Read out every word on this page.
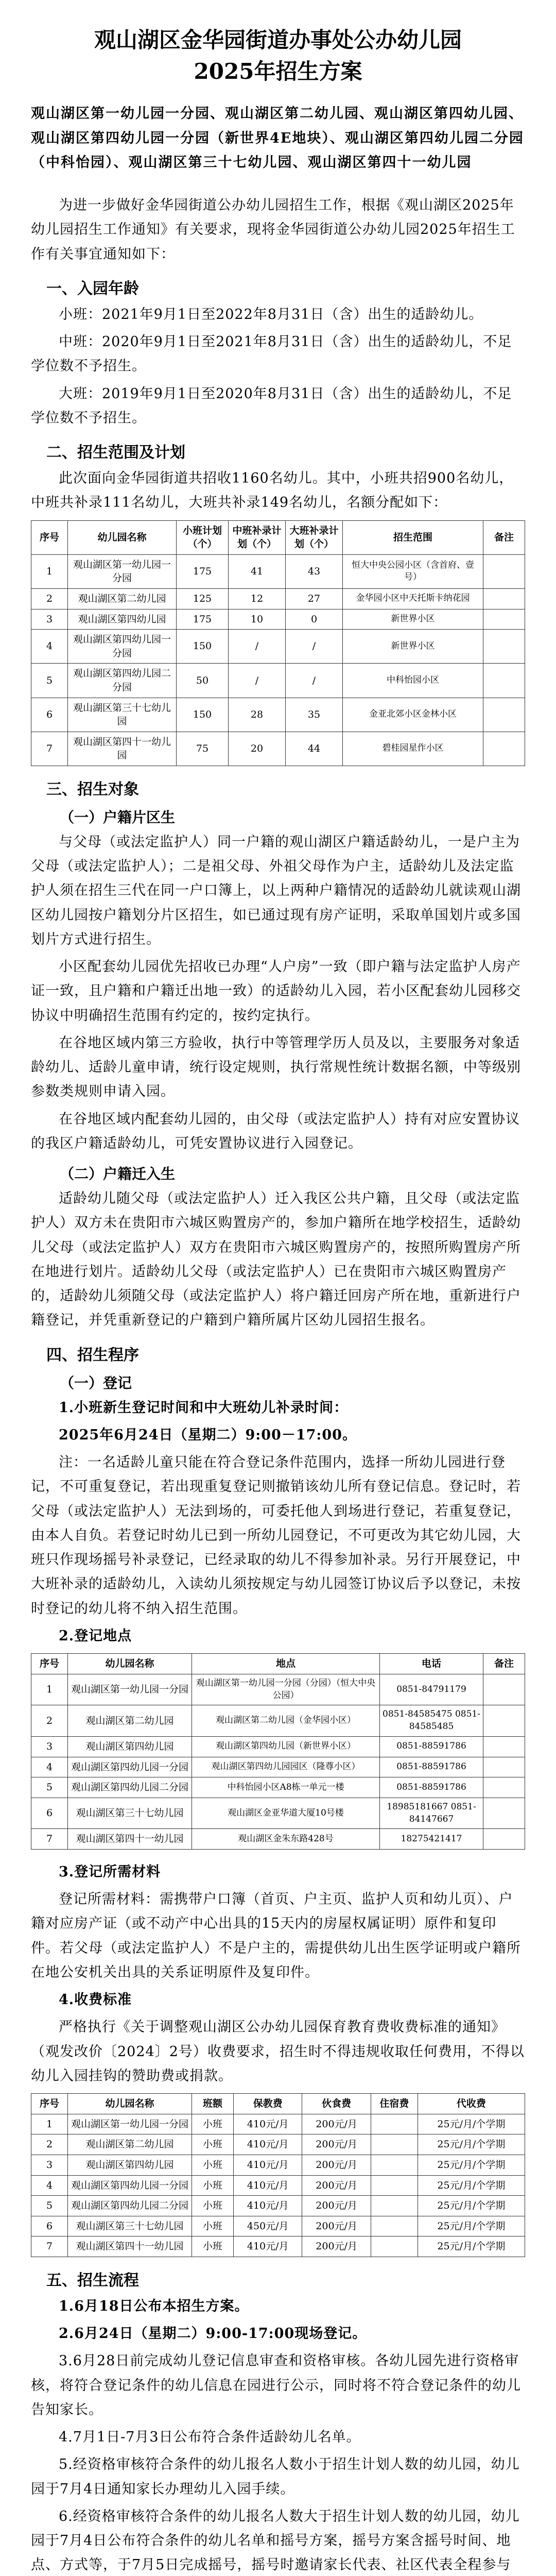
观山湖区金华园街道办事处公办幼儿园
2025年招生方案
观山湖区第一幼儿园一分园、观山湖区第二幼儿园、观山湖区第四幼儿园、观山湖区第四幼儿园一分园（新世界4E地块）、观山湖区第四幼儿园二分园（中科怡园）、观山湖区第三十七幼儿园、观山湖区第四十一幼儿园

为进一步做好金华园街道公办幼儿园招生工作，根据《观山湖区2025年幼儿园招生工作通知》有关要求，现将金华园街道公办幼儿园2025年招生工作有关事宜通知如下：

一、入园年龄

小班：2021年9月1日至2022年8月31日（含）出生的适龄幼儿。

中班：2020年9月1日至2021年8月31日（含）出生的适龄幼儿，不足学位数不予招生。

大班：2019年9月1日至2020年8月31日（含）出生的适龄幼儿，不足学位数不予招生。

二、招生范围及计划

此次面向金华园街道共招收1160名幼儿。其中，小班共招900名幼儿，中班共补录111名幼儿，大班共补录149名幼儿，名额分配如下：

序号	幼儿园名称	小班计划（个）	中班补录计划（个）	大班补录计划（个）	招生范围	备注
1	观山湖区第一幼儿园一分园	175	41	43	恒大中央公园小区（含首府、壹号）	
2	观山湖区第二幼儿园	125	12	27	金华园小区中天托斯卡纳花园	
3	观山湖区第四幼儿园	175	10	0	新世界小区	
4	观山湖区第四幼儿园一分园	150	/	/	新世界小区	
5	观山湖区第四幼儿园二分园	50	/	/	中科怡园小区	
6	观山湖区第三十七幼儿园	150	28	35	金亚北郊小区金林小区	
7	观山湖区第四十一幼儿园	75	20	44	碧桂园星作小区	
三、招生对象
（一）户籍片区生

与父母（或法定监护人）同一户籍的观山湖区户籍适龄幼儿，一是户主为父母（或法定监护人）；二是祖父母、外祖父母作为户主，适龄幼儿及法定监护人须在招生三代在同一户口簿上，以上两种户籍情况的适龄幼儿就读观山湖区幼儿园按户籍划分片区招生，如已通过现有房产证明，采取单国划片或多国划片方式进行招生。

小区配套幼儿园优先招收已办理“人户房”一致（即户籍与法定监护人房产证一致，且户籍和户籍迁出地一致）的适龄幼儿入园，若小区配套幼儿园移交协议中明确招生范围有约定的，按约定执行。

在谷地区域内第三方验收，执行中等管理学历人员及以，主要服务对象适龄幼儿、适龄儿童申请，统行设定规则，执行常规性统计数据名额，中等级别参数类规则申请入园。

在谷地区域内配套幼儿园的，由父母（或法定监护人）持有对应安置协议的我区户籍适龄幼儿，可凭安置协议进行入园登记。

（二）户籍迁入生

适龄幼儿随父母（或法定监护人）迁入我区公共户籍，且父母（或法定监护人）双方未在贵阳市六城区购置房产的，参加户籍所在地学校招生，适龄幼儿父母（或法定监护人）双方在贵阳市六城区购置房产的，按照所购置房产所在地进行划片。适龄幼儿父母（或法定监护人）已在贵阳市六城区购置房产的，适龄幼儿须随父母（或法定监护人）将户籍迁回房产所在地，重新进行户籍登记，并凭重新登记的户籍到户籍所属片区幼儿园招生报名。

四、招生程序
（一）登记

1.小班新生登记时间和中大班幼儿补录时间：

2025年6月24日（星期二）9:00－17:00。

注：一名适龄儿童只能在符合登记条件范围内，选择一所幼儿园进行登记，不可重复登记，若出现重复登记则撤销该幼儿所有登记信息。登记时，若父母（或法定监护人）无法到场的，可委托他人到场进行登记，若重复登记，由本人自负。若登记时幼儿已到一所幼儿园登记，不可更改为其它幼儿园，大班只作现场摇号补录登记，已经录取的幼儿不得参加补录。另行开展登记，中大班补录的适龄幼儿，入读幼儿须按规定与幼儿园签订协议后予以登记，未按时登记的幼儿将不纳入招生范围。

2.登记地点

序号	幼儿园名称	地点	电话	备注
1	观山湖区第一幼儿园一分园	观山湖区第一幼儿园一分园（分园）（恒大中央公园）	0851-84791179	
2	观山湖区第二幼儿园	观山湖区第二幼儿园（金华园小区）	0851-84585475 0851-84585485	
3	观山湖区第四幼儿园	观山湖区第四幼儿园（新世界小区）	0851-88591786	
4	观山湖区第四幼儿园一分园	观山湖区第四幼儿园园区（隆尊小区）	0851-88591786	
5	观山湖区第四幼儿园二分园	中科怡园小区A8栋一单元一楼	0851-88591786	
6	观山湖区第三十七幼儿园	观山湖区金亚华道大厦10号楼	18985181667 0851-84147667	
7	观山湖区第四十一幼儿园	观山湖区金朱东路428号	18275421417	

3.登记所需材料

登记所需材料：需携带户口簿（首页、户主页、监护人页和幼儿页）、户籍对应房产证（或不动产中心出具的15天内的房屋权属证明）原件和复印件。若父母（或法定监护人）不是户主的，需提供幼儿出生医学证明或户籍所在地公安机关出具的关系证明原件及复印件。

4.收费标准

严格执行《关于调整观山湖区公办幼儿园保育教育费收费标准的通知》（观发改价〔2024〕2号）收费要求，招生时不得违规收取任何费用，不得以幼儿入园挂钩的赞助费或捐款。

序号	幼儿园名称	班额	保教费	伙食费	住宿费	代收费
1	观山湖区第一幼儿园一分园	小班	410元/月	200元/月		25元/月/个学期
2	观山湖区第二幼儿园	小班	410元/月	200元/月		25元/月/个学期
3	观山湖区第四幼儿园	小班	410元/月	200元/月		25元/月/个学期
4	观山湖区第四幼儿园一分园	小班	410元/月	200元/月		25元/月/个学期
5	观山湖区第四幼儿园二分园	小班	410元/月	200元/月		25元/月/个学期
6	观山湖区第三十七幼儿园	小班	450元/月	200元/月		25元/月/个学期
7	观山湖区第四十一幼儿园	小班	410元/月	200元/月		25元/月/个学期
五、招生流程

1.6月18日公布本招生方案。

2.6月24日（星期二）9:00-17:00现场登记。

3.6月28日前完成幼儿登记信息审查和资格审核。各幼儿园先进行资格审核，将符合登记条件的幼儿信息在园进行公示，同时将不符合登记条件的幼儿告知家长。

4.7月1日-7月3日公布符合条件适龄幼儿名单。

5.经资格审核符合条件的幼儿报名人数小于招生计划人数的幼儿园，幼儿园于7月4日通知家长办理幼儿入园手续。

6.经资格审核符合条件的幼儿报名人数大于招生计划人数的幼儿园，幼儿园于7月4日公布符合条件的幼儿名单和摇号方案，摇号方案含摇号时间、地点、方式等，于7月5日完成摇号，摇号时邀请家长代表、社区代表全程参与
